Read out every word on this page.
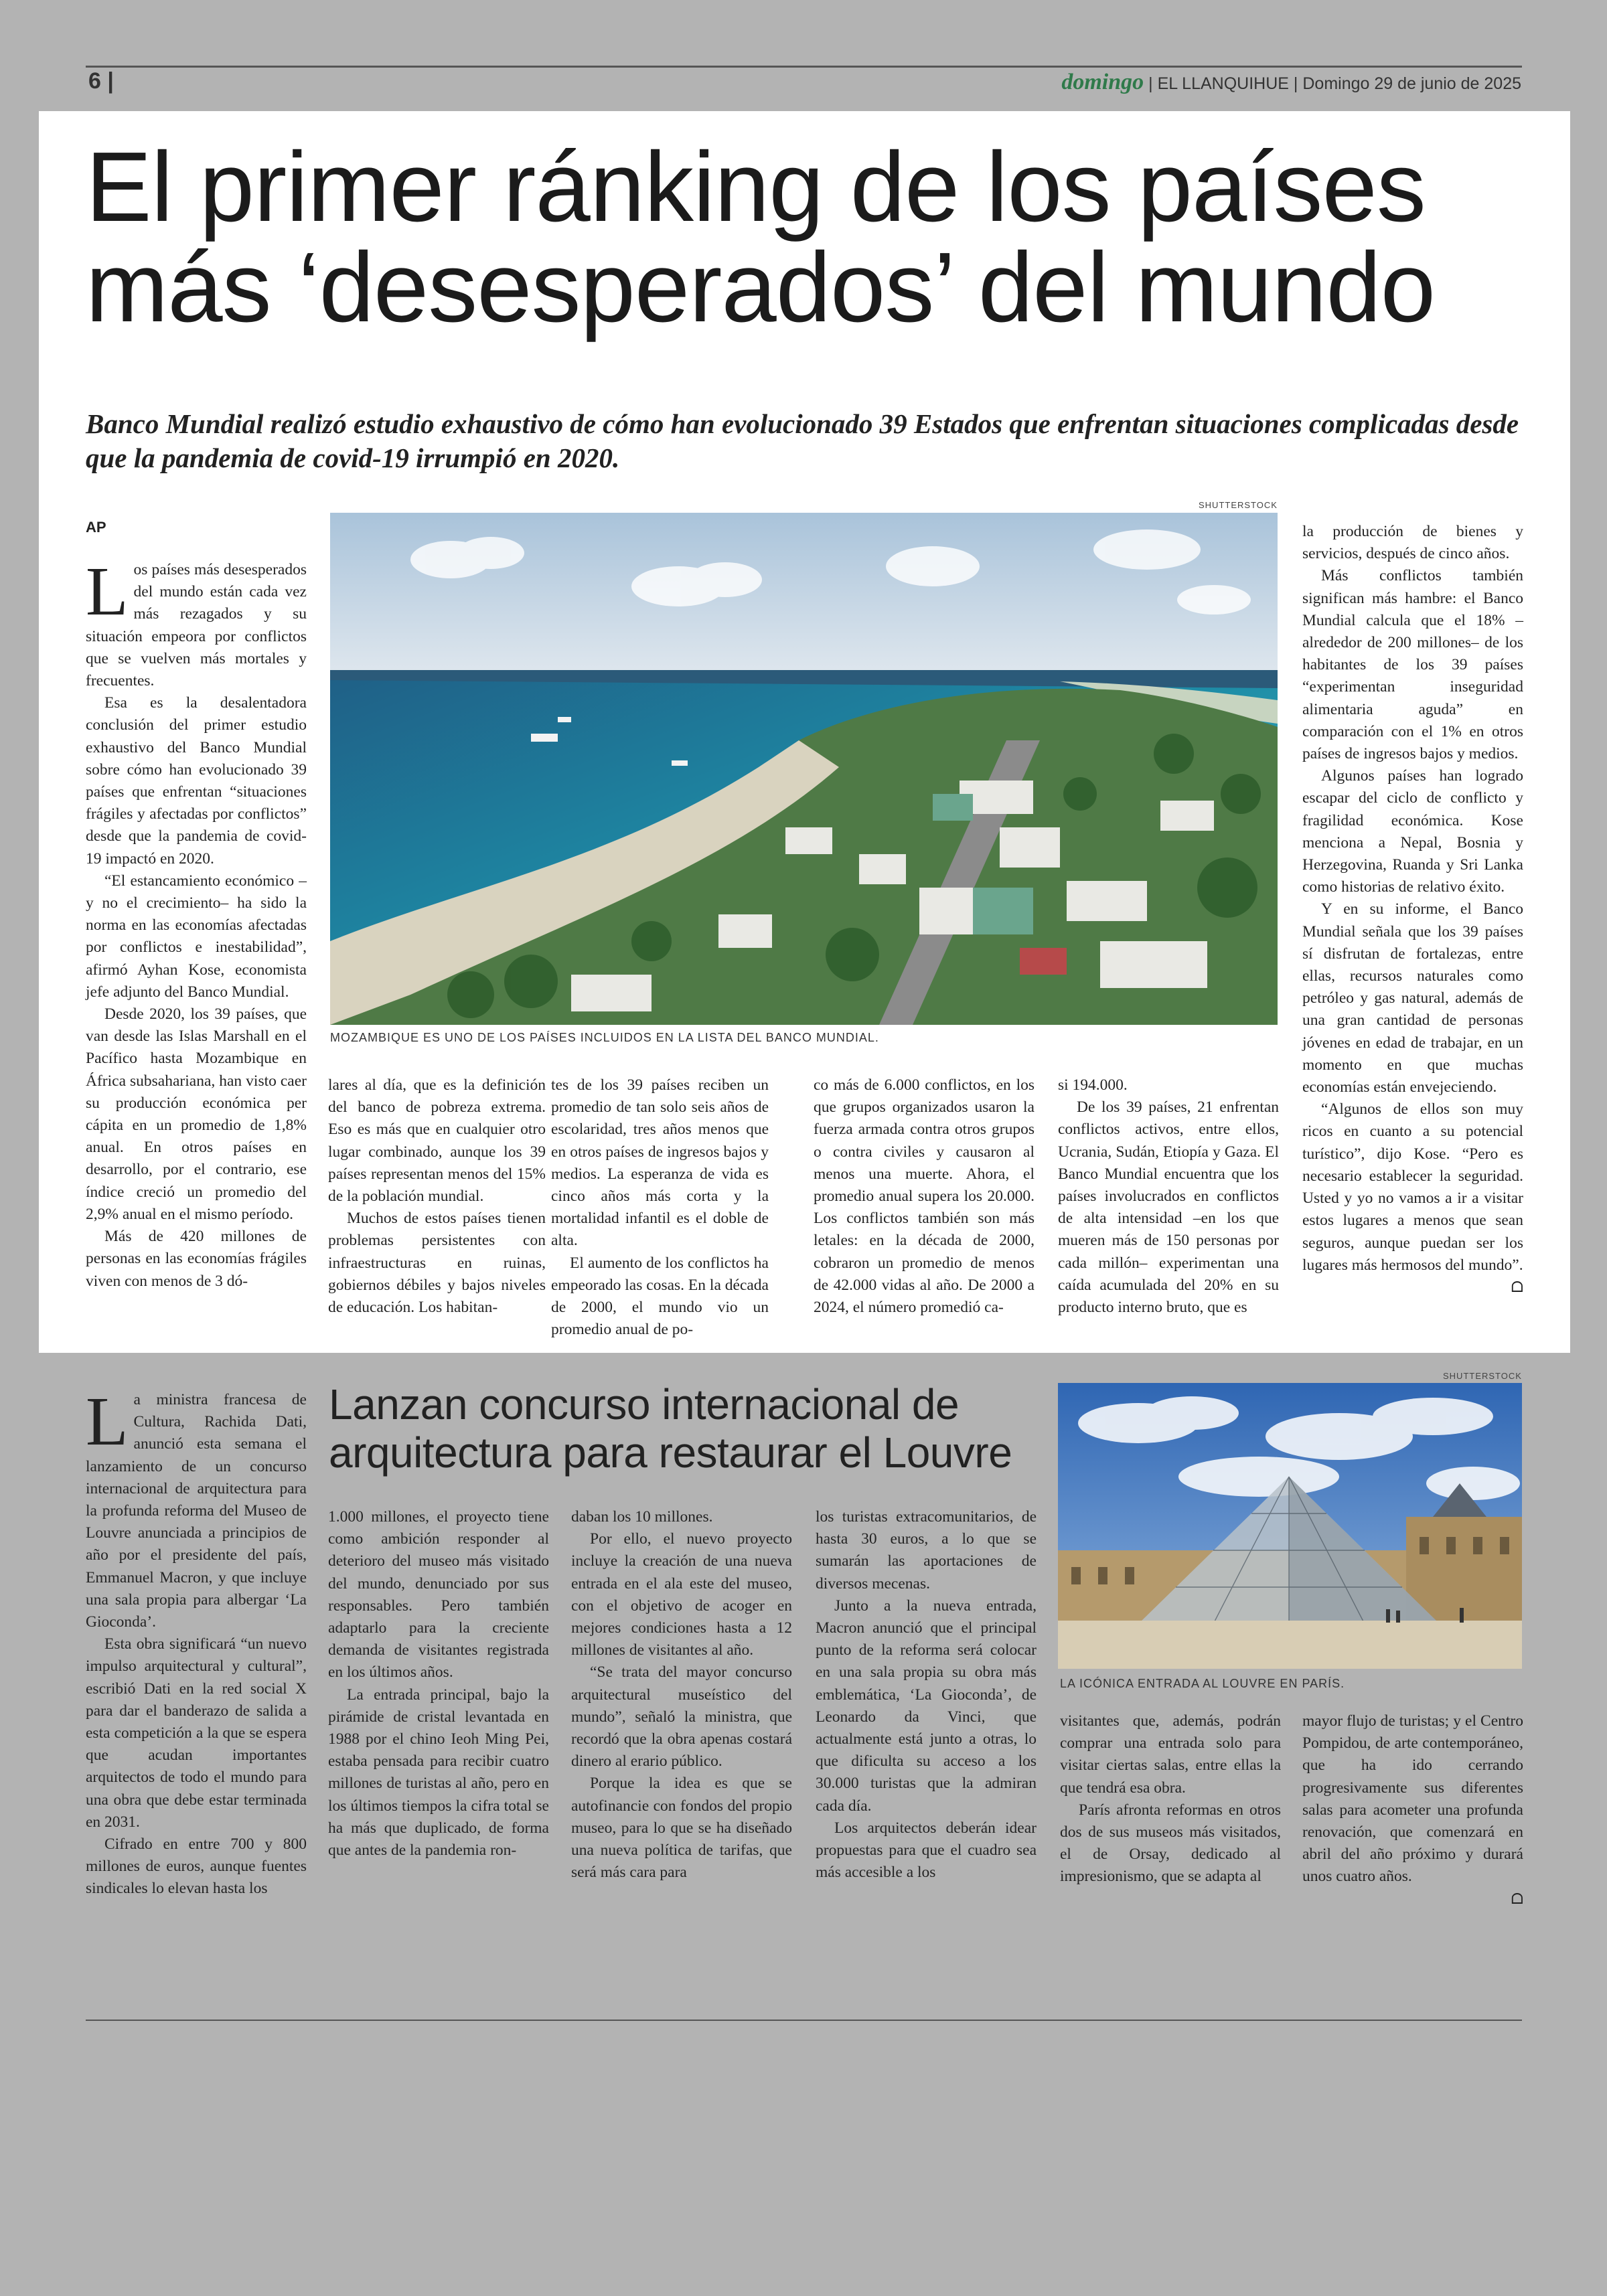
6 |	domingo | EL LLANQUIHUE | Domingo 29 de junio de 2025
El primer ránking de los países
más ‘desesperados’ del mundo
Banco Mundial realizó estudio exhaustivo de cómo han evolucionado 39 Estados que enfrentan situaciones complicadas desde que la pandemia de covid-19 irrumpió en 2020.
AP
L os países más desesperados del mundo están cada vez más rezagados y su situación empeora por conflictos que se vuelven más mortales y frecuentes.

Esa es la desalentadora conclusión del primer estudio exhaustivo del Banco Mundial sobre cómo han evolucionado 39 países que enfrentan “situaciones frágiles y afectadas por conflictos” desde que la pandemia de covid-19 impactó en 2020.

“El estancamiento económico –y no el crecimiento– ha sido la norma en las economías afectadas por conflictos e inestabilidad”, afirmó Ayhan Kose, economista jefe adjunto del Banco Mundial.

Desde 2020, los 39 países, que van desde las Islas Marshall en el Pacífico hasta Mozambique en África subsahariana, han visto caer su producción económica per cápita en un promedio de 1,8% anual. En otros países en desarrollo, por el contrario, ese índice creció un promedio del 2,9% anual en el mismo período.

Más de 420 millones de personas en las economías frágiles viven con menos de 3 dó-

SHUTTERSTOCK
MOZAMBIQUE ES UNO DE LOS PAÍSES INCLUIDOS EN LA LISTA DEL BANCO MUNDIAL.

lares al día, que es la definición del banco de pobreza extrema. Eso es más que en cualquier otro lugar combinado, aunque los 39 países representan menos del 15% de la población mundial.

Muchos de estos países tienen problemas persistentes con infraestructuras en ruinas, gobiernos débiles y bajos niveles de educación. Los habitan-

tes de los 39 países reciben un promedio de tan solo seis años de escolaridad, tres años menos que en otros países de ingresos bajos y medios. La esperanza de vida es cinco años más corta y la mortalidad infantil es el doble de alta.

El aumento de los conflictos ha empeorado las cosas. En la década de 2000, el mundo vio un promedio anual de po-

co más de 6.000 conflictos, en los que grupos organizados usaron la fuerza armada contra otros grupos o contra civiles y causaron al menos una muerte. Ahora, el promedio anual supera los 20.000. Los conflictos también son más letales: en la década de 2000, cobraron un promedio de menos de 42.000 vidas al año. De 2000 a 2024, el número promedió ca-

si 194.000.

De los 39 países, 21 enfrentan conflictos activos, entre ellos, Ucrania, Sudán, Etiopía y Gaza. El Banco Mundial encuentra que los países involucrados en conflictos de alta intensidad –en los que mueren más de 150 personas por cada millón– experimentan una caída acumulada del 20% en su producto interno bruto, que es

la producción de bienes y servicios, después de cinco años.

Más conflictos también significan más hambre: el Banco Mundial calcula que el 18% –alrededor de 200 millones– de los habitantes de los 39 países “experimentan inseguridad alimentaria aguda” en comparación con el 1% en otros países de ingresos bajos y medios.

Algunos países han logrado escapar del ciclo de conflicto y fragilidad económica. Kose menciona a Nepal, Bosnia y Herzegovina, Ruanda y Sri Lanka como historias de relativo éxito.

Y en su informe, el Banco Mundial señala que los 39 países sí disfrutan de fortalezas, entre ellas, recursos naturales como petróleo y gas natural, además de una gran cantidad de personas jóvenes en edad de trabajar, en un momento en que muchas economías están envejeciendo.

“Algunos de ellos son muy ricos en cuanto a su potencial turístico”, dijo Kose. “Pero es necesario establecer la seguridad. Usted y yo no vamos a ir a visitar estos lugares a menos que sean seguros, aunque puedan ser los lugares más hermosos del mundo”.

ᗝ
Lanzan concurso internacional de
arquitectura para restaurar el Louvre
L a ministra francesa de Cultura, Rachida Dati, anunció esta semana el lanzamiento de un concurso internacional de arquitectura para la profunda reforma del Museo de Louvre anunciada a principios de año por el presidente del país, Emmanuel Macron, y que incluye una sala propia para albergar ‘La Gioconda’.

Esta obra significará “un nuevo impulso arquitectural y cultural”, escribió Dati en la red social X para dar el banderazo de salida a esta competición a la que se espera que acudan importantes arquitectos de todo el mundo para una obra que debe estar terminada en 2031.

Cifrado en entre 700 y 800 millones de euros, aunque fuentes sindicales lo elevan hasta los

1.000 millones, el proyecto tiene como ambición responder al deterioro del museo más visitado del mundo, denunciado por sus responsables. Pero también adaptarlo para la creciente demanda de visitantes registrada en los últimos años.

La entrada principal, bajo la pirámide de cristal levantada en 1988 por el chino Ieoh Ming Pei, estaba pensada para recibir cuatro millones de turistas al año, pero en los últimos tiempos la cifra total se ha más que duplicado, de forma que antes de la pandemia ron-

daban los 10 millones.

Por ello, el nuevo proyecto incluye la creación de una nueva entrada en el ala este del museo, con el objetivo de acoger en mejores condiciones hasta a 12 millones de visitantes al año.

“Se trata del mayor concurso arquitectural museístico del mundo”, señaló la ministra, que recordó que la obra apenas costará dinero al erario público.

Porque la idea es que se autofinancie con fondos del propio museo, para lo que se ha diseñado una nueva política de tarifas, que será más cara para

los turistas extracomunitarios, de hasta 30 euros, a lo que se sumarán las aportaciones de diversos mecenas.

Junto a la nueva entrada, Macron anunció que el principal punto de la reforma será colocar en una sala propia su obra más emblemática, ‘La Gioconda’, de Leonardo da Vinci, que actualmente está junto a otras, lo que dificulta su acceso a los 30.000 turistas que la admiran cada día.

Los arquitectos deberán idear propuestas para que el cuadro sea más accesible a los

SHUTTERSTOCK
LA ICÓNICA ENTRADA AL LOUVRE EN PARÍS.

visitantes que, además, podrán comprar una entrada solo para visitar ciertas salas, entre ellas la que tendrá esa obra.

París afronta reformas en otros dos de sus museos más visitados, el de Orsay, dedicado al impresionismo, que se adapta al

mayor flujo de turistas; y el Centro Pompidou, de arte contemporáneo, que ha ido cerrando progresivamente sus diferentes salas para acometer una profunda renovación, que comenzará en abril del año próximo y durará unos cuatro años.

ᗝ
